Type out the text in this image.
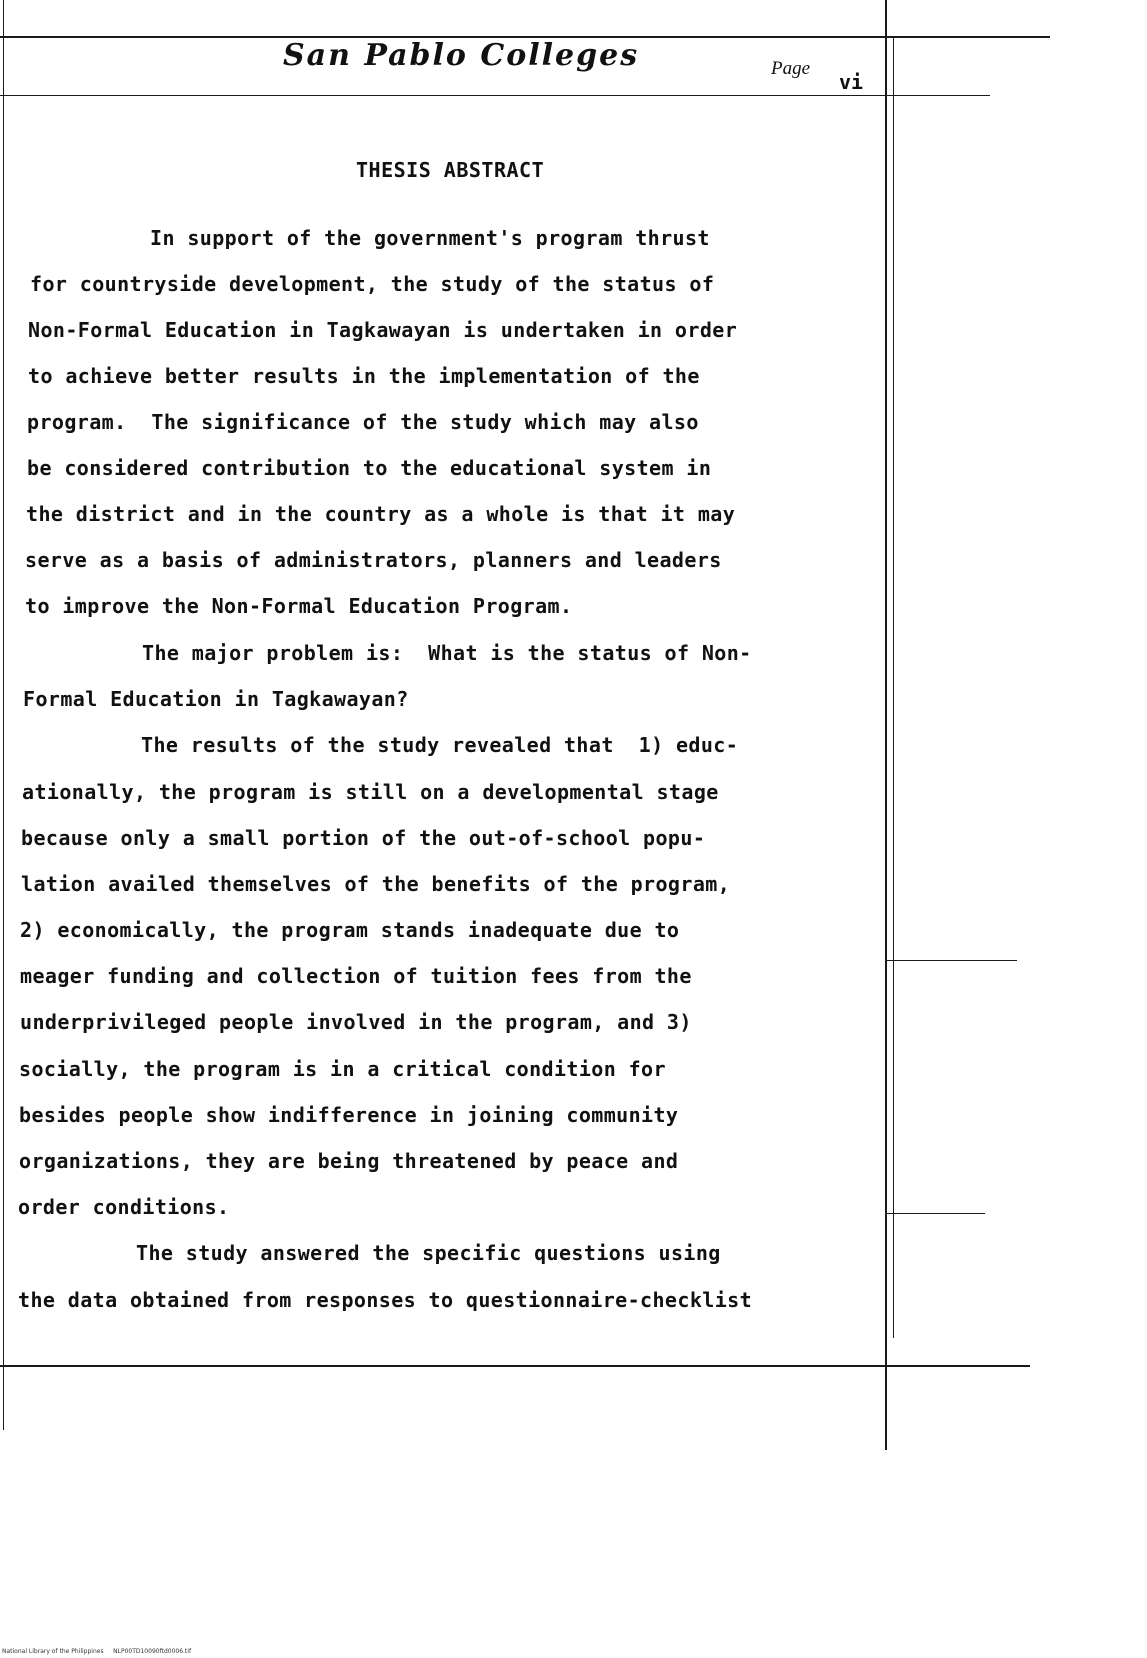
San Pablo Colleges	Page
vi
THESIS ABSTRACT
In support of the government's program thrust
for countryside development, the study of the status of
Non-Formal Education in Tagkawayan is undertaken in order
to achieve better results in the implementation of the
program.  The significance of the study which may also
be considered contribution to the educational system in
the district and in the country as a whole is that it may
serve as a basis of administrators, planners and leaders
to improve the Non-Formal Education Program.
The major problem is:  What is the status of Non-
Formal Education in Tagkawayan?
The results of the study revealed that  1) educ-
ationally, the program is still on a developmental stage
because only a small portion of the out-of-school popu-
lation availed themselves of the benefits of the program,
2) economically, the program stands inadequate due to
meager funding and collection of tuition fees from the
underprivileged people involved in the program, and 3)
socially, the program is in a critical condition for
besides people show indifference in joining community
organizations, they are being threatened by peace and
order conditions.
The study answered the specific questions using
the data obtained from responses to questionnaire-checklist
National Library of the Philippines NLP00TD10090ftd0006.tif
